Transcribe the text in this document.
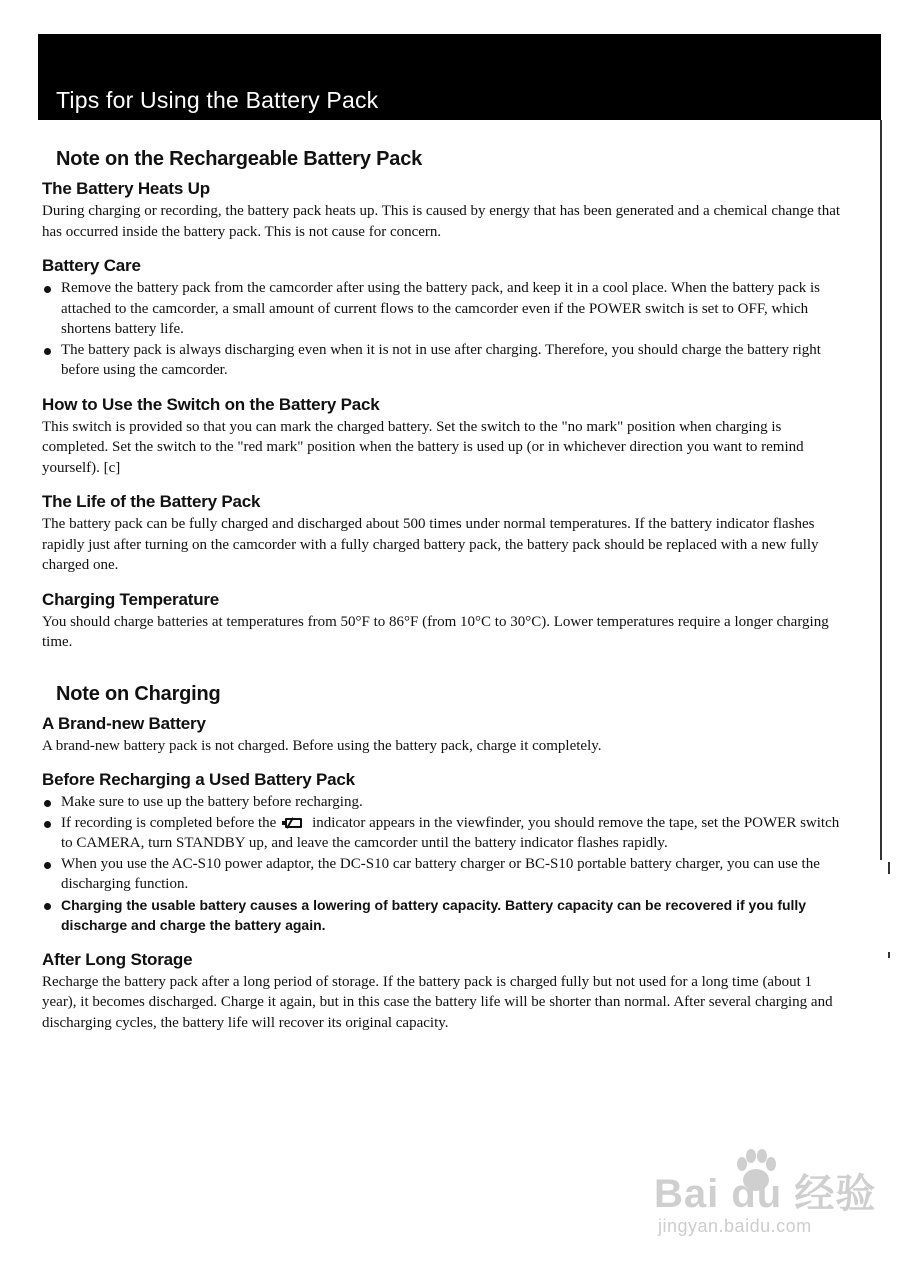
Tips for Using the Battery Pack
Note on the Rechargeable Battery Pack
The Battery Heats Up

During charging or recording, the battery pack heats up. This is caused by energy that has been generated and a chemical change that has occurred inside the battery pack. This is not cause for concern.

Battery Care
Remove the battery pack from the camcorder after using the battery pack, and keep it in a cool place. When the battery pack is attached to the camcorder, a small amount of current flows to the camcorder even if the POWER switch is set to OFF, which shortens battery life.
The battery pack is always discharging even when it is not in use after charging. Therefore, you should charge the battery right before using the camcorder.
How to Use the Switch on the Battery Pack

This switch is provided so that you can mark the charged battery. Set the switch to the "no mark" position when charging is completed. Set the switch to the "red mark" position when the battery is used up (or in whichever direction you want to remind yourself). [c]

The Life of the Battery Pack

The battery pack can be fully charged and discharged about 500 times under normal temperatures. If the battery indicator flashes rapidly just after turning on the camcorder with a fully charged battery pack, the battery pack should be replaced with a new fully charged one.

Charging Temperature

You should charge batteries at temperatures from 50°F to 86°F (from 10°C to 30°C). Lower temperatures require a longer charging time.

Note on Charging
A Brand-new Battery

A brand-new battery pack is not charged. Before using the battery pack, charge it completely.

Before Recharging a Used Battery Pack
Make sure to use up the battery before recharging.
If recording is completed before the indicator appears in the viewfinder, you should remove the tape, set the POWER switch to CAMERA, turn STANDBY up, and leave the camcorder until the battery indicator flashes rapidly.
When you use the AC-S10 power adaptor, the DC-S10 car battery charger or BC-S10 portable battery charger, you can use the discharging function.
Charging the usable battery causes a lowering of battery capacity. Battery capacity can be recovered if you fully discharge and charge the battery again.
After Long Storage

Recharge the battery pack after a long period of storage. If the battery pack is charged fully but not used for a long time (about 1 year), it becomes discharged. Charge it again, but in this case the battery life will be shorter than normal. After several charging and discharging cycles, the battery life will recover its original capacity.

Bai du 经验
jingyan.baidu.com
